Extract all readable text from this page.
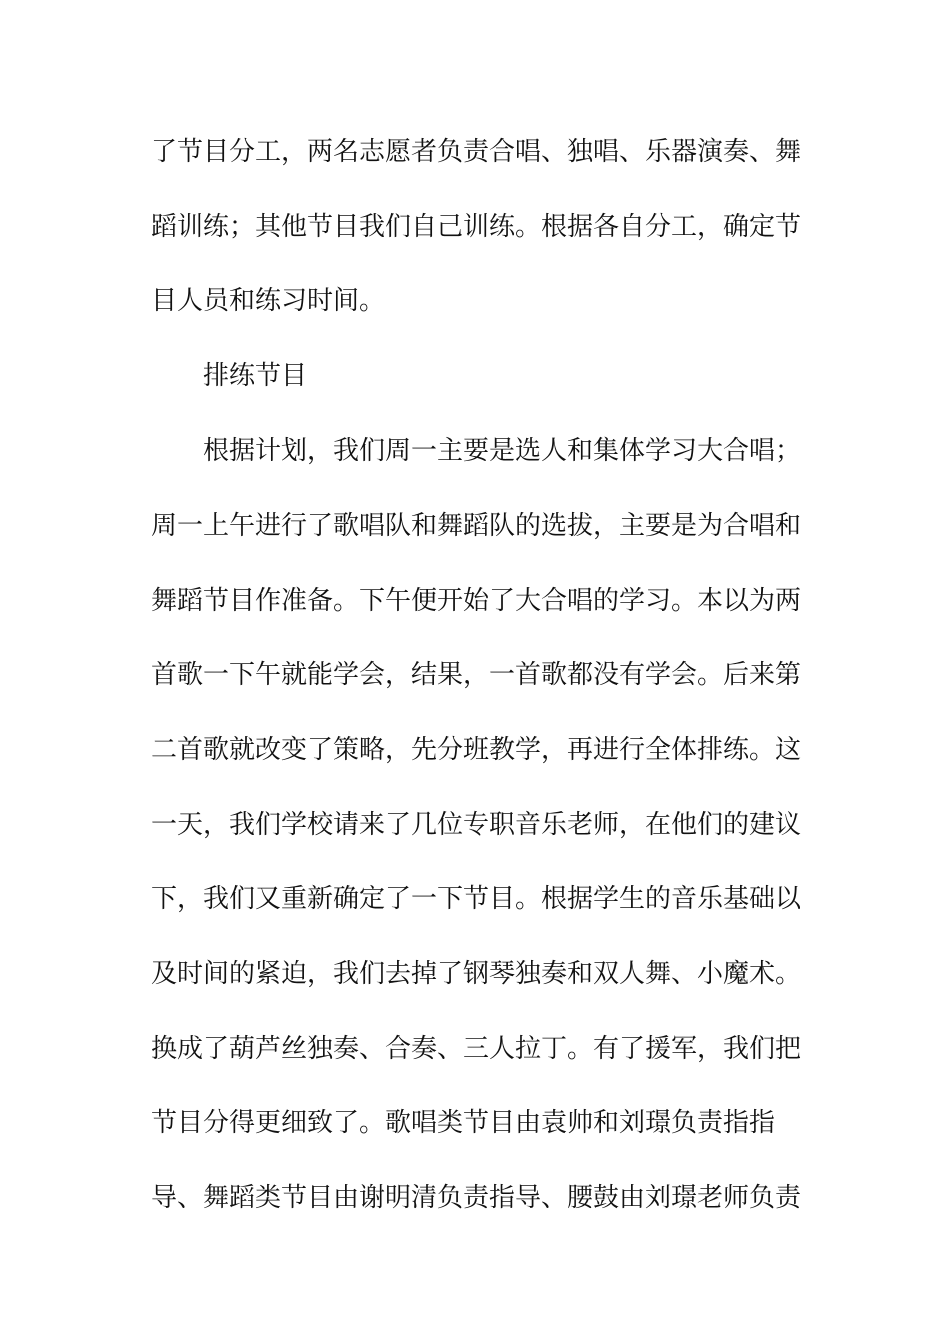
了节目分工，两名志愿者负责合唱、独唱、乐器演奏、舞
蹈训练；其他节目我们自己训练。根据各自分工，确定节
目人员和练习时间。
排练节目
根据计划，我们周一主要是选人和集体学习大合唱；
周一上午进行了歌唱队和舞蹈队的选拔，主要是为合唱和
舞蹈节目作准备。下午便开始了大合唱的学习。本以为两
首歌一下午就能学会，结果，一首歌都没有学会。后来第
二首歌就改变了策略，先分班教学，再进行全体排练。这
一天，我们学校请来了几位专职音乐老师，在他们的建议
下，我们又重新确定了一下节目。根据学生的音乐基础以
及时间的紧迫，我们去掉了钢琴独奏和双人舞、小魔术。
换成了葫芦丝独奏、合奏、三人拉丁。有了援军，我们把
节目分得更细致了。歌唱类节目由袁帅和刘璟负责指指
导、舞蹈类节目由谢明清负责指导、腰鼓由刘璟老师负责
